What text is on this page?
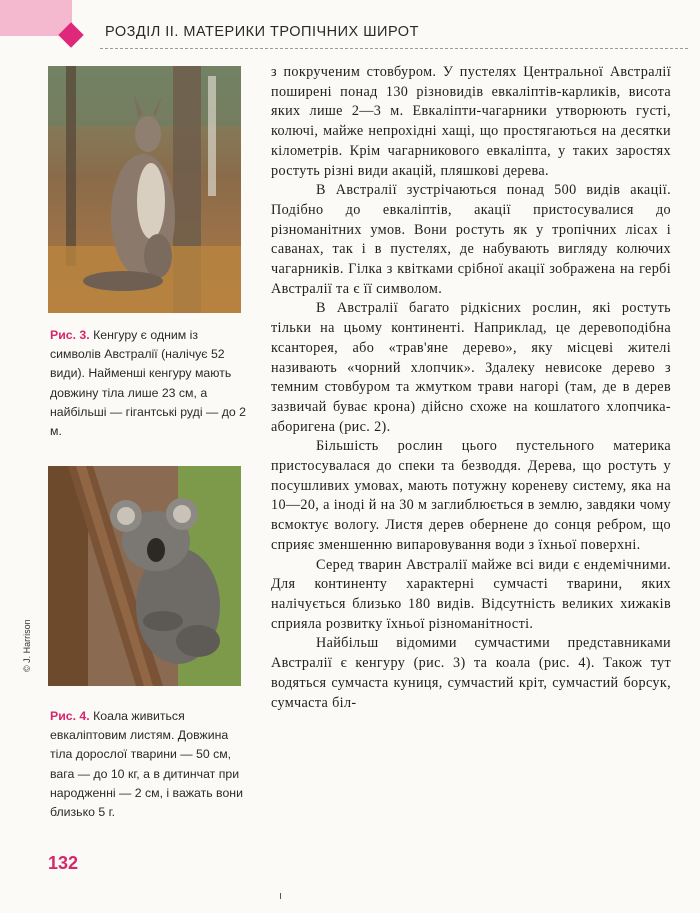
РОЗДІЛ ІІ. МАТЕРИКИ ТРОПІЧНИХ ШИРОТ
Рис. 3. Кенгуру є одним із символів Австралії (налічує 52 види). Найменші кенгуру мають довжину тіла лише 23 см, а найбільші — гігантські руді — до 2 м.
© J. Harrison
Рис. 4. Коала живиться евкаліптовим листям. Довжина тіла дорослої тварини — 50 см, вага — до 10 кг, а в дитинчат при народженні — 2 см, і важать вони близько 5 г.

з покрученим стовбуром. У пустелях Центральної Австралії поширені понад 130 різновидів евкаліптів-карликів, висота яких лише 2—3 м. Евкаліпти-чагарники утворюють густі, колючі, майже непрохідні хащі, що простягаються на десятки кілометрів. Крім чагарникового евкаліпта, у таких заростях ростуть різні види акацій, пляшкові дерева.

В Австралії зустрічаються понад 500 видів акації. Подібно до евкаліптів, акації пристосувалися до різноманітних умов. Вони ростуть як у тропічних лісах і саванах, так і в пустелях, де набувають вигляду колючих чагарників. Гілка з квітками срібної акації зображена на гербі Австралії та є її символом.

В Австралії багато рідкісних рослин, які ростуть тільки на цьому континенті. Наприклад, це деревоподібна ксанторея, або «трав'яне дерево», яку місцеві жителі називають «чорний хлопчик». Здалеку невисоке дерево з темним стовбуром та жмутком трави нагорі (там, де в дерев зазвичай буває крона) дійсно схоже на кошлатого хлопчика-аборигена (рис. 2).

Більшість рослин цього пустельного материка пристосувалася до спеки та безводдя. Дерева, що ростуть у посушливих умовах, мають потужну кореневу систему, яка на 10—20, а іноді й на 30 м заглиблюється в землю, завдяки чому всмоктує вологу. Листя дерев обернене до сонця ребром, що сприяє зменшенню випаровування води з їхньої поверхні.

Серед тварин Австралії майже всі види є ендемічними. Для континенту характерні сумчасті тварини, яких налічується близько 180 видів. Відсутність великих хижаків сприяла розвитку їхньої різноманітності.

Найбільш відомими сумчастими представниками Австралії є кенгуру (рис. 3) та коала (рис. 4). Також тут водяться сумчаста куниця, сумчастий кріт, сумчастий борсук, сумчаста біл-

132
